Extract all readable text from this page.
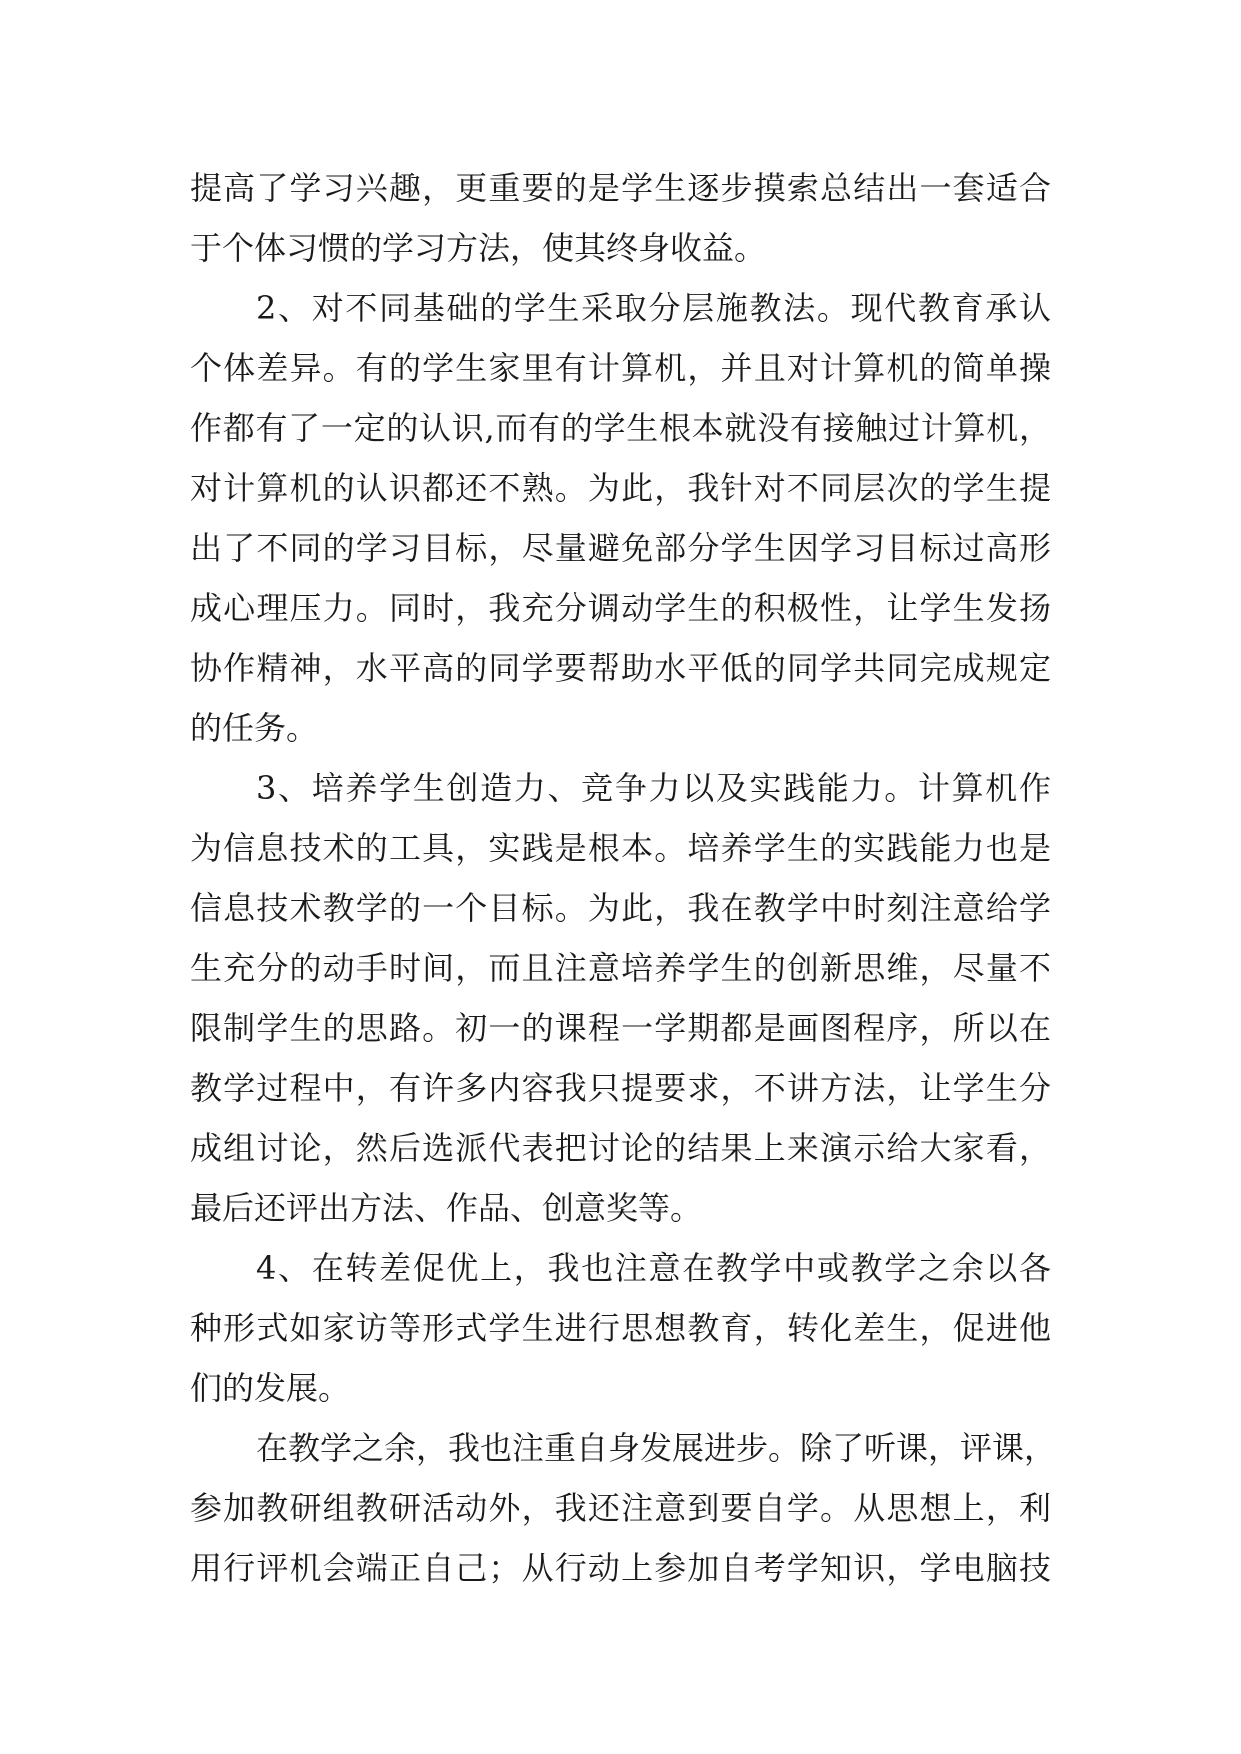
提高了学习兴趣，更重要的是学生逐步摸索总结出一套适合
于个体习惯的学习方法，使其终身收益。
2、对不同基础的学生采取分层施教法。现代教育承认
个体差异。有的学生家里有计算机，并且对计算机的简单操
作都有了一定的认识,而有的学生根本就没有接触过计算机，
对计算机的认识都还不熟。为此，我针对不同层次的学生提
出了不同的学习目标，尽量避免部分学生因学习目标过高形
成心理压力。同时，我充分调动学生的积极性，让学生发扬
协作精神，水平高的同学要帮助水平低的同学共同完成规定
的任务。
3、培养学生创造力、竞争力以及实践能力。计算机作
为信息技术的工具，实践是根本。培养学生的实践能力也是
信息技术教学的一个目标。为此，我在教学中时刻注意给学
生充分的动手时间，而且注意培养学生的创新思维，尽量不
限制学生的思路。初一的课程一学期都是画图程序，所以在
教学过程中，有许多内容我只提要求，不讲方法，让学生分
成组讨论，然后选派代表把讨论的结果上来演示给大家看，
最后还评出方法、作品、创意奖等。
4、在转差促优上，我也注意在教学中或教学之余以各
种形式如家访等形式学生进行思想教育，转化差生，促进他
们的发展。
在教学之余，我也注重自身发展进步。除了听课，评课，
参加教研组教研活动外，我还注意到要自学。从思想上，利
用行评机会端正自己；从行动上参加自考学知识，学电脑技
